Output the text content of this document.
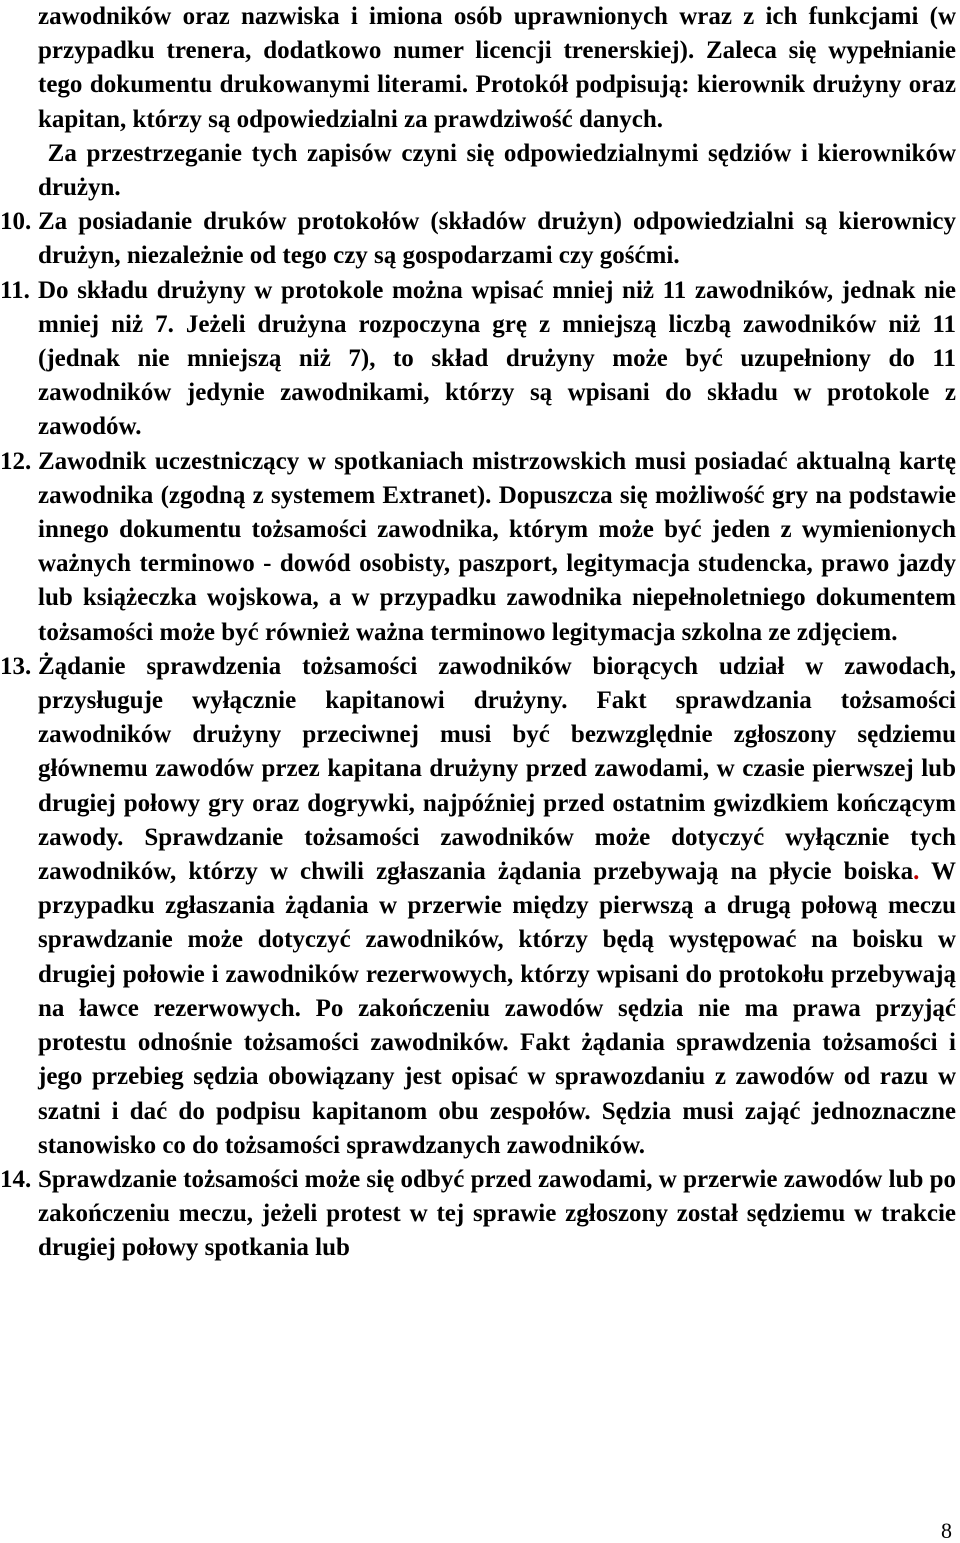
zawodników oraz nazwiska i imiona osób uprawnionych wraz z ich funkcjami (w przypadku trenera, dodatkowo numer licencji trenerskiej). Zaleca się wypełnianie tego dokumentu drukowanymi literami. Protokół podpisują: kierownik drużyny oraz kapitan, którzy są odpowiedzialni za prawdziwość danych.

Za przestrzeganie tych zapisów czyni się odpowiedzialnymi sędziów i kierowników drużyn.

10. Za posiadanie druków protokołów (składów drużyn) odpowiedzialni są kierownicy drużyn, niezależnie od tego czy są gospodarzami czy gośćmi.
11. Do składu drużyny w protokole można wpisać mniej niż 11 zawodników, jednak nie mniej niż 7. Jeżeli drużyna rozpoczyna grę z mniejszą liczbą zawodników niż 11 (jednak nie mniejszą niż 7), to skład drużyny może być uzupełniony do 11 zawodników jedynie zawodnikami, którzy są wpisani do składu w protokole z zawodów.
12. Zawodnik uczestniczący w spotkaniach mistrzowskich musi posiadać aktualną kartę zawodnika (zgodną z systemem Extranet). Dopuszcza się możliwość gry na podstawie innego dokumentu tożsamości zawodnika, którym może być jeden z wymienionych ważnych terminowo - dowód osobisty, paszport, legitymacja studencka, prawo jazdy lub książeczka wojskowa, a w przypadku zawodnika niepełnoletniego dokumentem tożsamości może być również ważna terminowo legitymacja szkolna ze zdjęciem.
13. Żądanie sprawdzenia tożsamości zawodników biorących udział w zawodach, przysługuje wyłącznie kapitanowi drużyny. Fakt sprawdzania tożsamości zawodników drużyny przeciwnej musi być bezwzględnie zgłoszony sędziemu głównemu zawodów przez kapitana drużyny przed zawodami, w czasie pierwszej lub drugiej połowy gry oraz dogrywki, najpóźniej przed ostatnim gwizdkiem kończącym zawody. Sprawdzanie tożsamości zawodników może dotyczyć wyłącznie tych zawodników, którzy w chwili zgłaszania żądania przebywają na płycie boiska. W przypadku zgłaszania żądania w przerwie między pierwszą a drugą połową meczu sprawdzanie może dotyczyć zawodników, którzy będą występować na boisku w drugiej połowie i zawodników rezerwowych, którzy wpisani do protokołu przebywają na ławce rezerwowych. Po zakończeniu zawodów sędzia nie ma prawa przyjąć protestu odnośnie tożsamości zawodników. Fakt żądania sprawdzenia tożsamości i jego przebieg sędzia obowiązany jest opisać w sprawozdaniu z zawodów od razu w szatni i dać do podpisu kapitanom obu zespołów. Sędzia musi zająć jednoznaczne stanowisko co do tożsamości sprawdzanych zawodników.
14. Sprawdzanie tożsamości może się odbyć przed zawodami, w przerwie zawodów lub po zakończeniu meczu, jeżeli protest w tej sprawie zgłoszony został sędziemu w trakcie drugiej połowy spotkania lub
8
